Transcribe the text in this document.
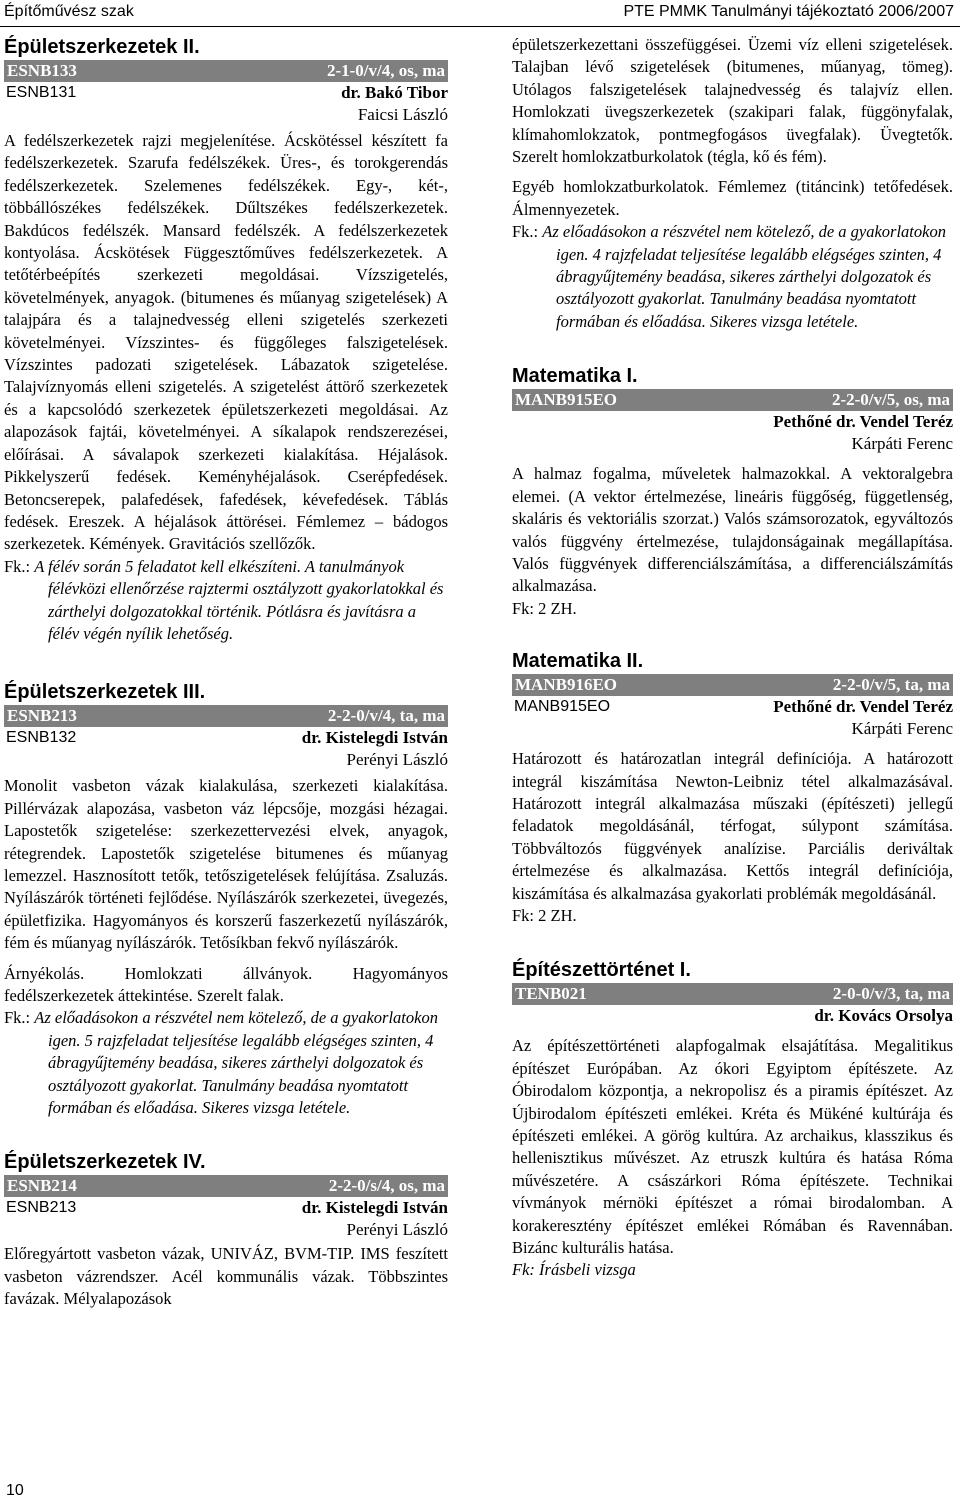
Építőművész szak	PTE PMMK Tanulmányi tájékoztató 2006/2007
Épületszerkezetek II.
ESNB133	2-1-0/v/4, os, ma
ESNB131	dr. Bakó Tibor
Faicsi László

A fedélszerkezetek rajzi megjelenítése. Ácskötéssel készített fa fedélszerkezetek. Szarufa fedélszékek. Üres-, és torokgerendás fedélszerkezetek. Szelemenes fedélszékek. Egy-, két-, többállószékes fedélszékek. Dűltszékes fedélszerkezetek. Bakdúcos fedélszék. Mansard fedélszék. A fedélszerkezetek kontyolása. Ácskötések Függesztőműves fedélszerkezetek. A tetőtérbeépítés szerkezeti megoldásai. Vízszigetelés, követelmények, anyagok. (bitumenes és műanyag szigetelések) A talajpára és a talajnedvesség elleni szigetelés szerkezeti követelményei. Vízszintes- és függőleges falszigetelések. Vízszintes padozati szigetelések. Lábazatok szigetelése. Talajvíznyomás elleni szigetelés. A szigetelést áttörő szerkezetek és a kapcsolódó szerkezetek épületszerkezeti megoldásai. Az alapozások fajtái, követelményei. A síkalapok rendszerezései, előírásai. A sávalapok szerkezeti kialakítása. Héjalások. Pikkelyszerű fedések. Keményhéjalások. Cserépfedések. Betoncserepek, palafedések, fafedések, kévefedések. Táblás fedések. Ereszek. A héjalások áttörései. Fémlemez – bádogos szerkezetek. Kémények. Gravitációs szellőzők.

Fk.: A félév során 5 feladatot kell elkészíteni. A tanulmányok félévközi ellenőrzése rajztermi osztályzott gyakorlatokkal és zárthelyi dolgozatokkal történik. Pótlásra és javításra a félév végén nyílik lehetőség.

Épületszerkezetek III.
ESNB213	2-2-0/v/4, ta, ma
ESNB132	dr. Kistelegdi István
Perényi László

Monolit vasbeton vázak kialakulása, szerkezeti kialakítása. Pillérvázak alapozása, vasbeton váz lépcsője, mozgási hézagai. Lapostetők szigetelése: szerkezettervezési elvek, anyagok, rétegrendek. Lapostetők szigetelése bitumenes és műanyag lemezzel. Hasznosított tetők, tetőszigetelések felújítása. Zsaluzás. Nyílászárók történeti fejlődése. Nyílászárók szerkezetei, üvegezés, épületfizika. Hagyományos és korszerű faszerkezetű nyílászárók, fém és műanyag nyílászárók. Tetősíkban fekvő nyílászárók.

Árnyékolás. Homlokzati állványok. Hagyományos fedélszerkezetek áttekintése. Szerelt falak.

Fk.: Az előadásokon a részvétel nem kötelező, de a gyakorlatokon igen. 5 rajzfeladat teljesítése legalább elégséges szinten, 4 ábragyűjtemény beadása, sikeres zárthelyi dolgozatok és osztályozott gyakorlat. Tanulmány beadása nyomtatott formában és előadása. Sikeres vizsga letétele.

Épületszerkezetek IV.
ESNB214	2-2-0/s/4, os, ma
ESNB213	dr. Kistelegdi István
Perényi László

Előregyártott vasbeton vázak, UNIVÁZ, BVM-TIP. IMS feszített vasbeton vázrendszer. Acél kommunális vázak. Többszintes favázak. Mélyalapozások

épületszerkezettani összefüggései. Üzemi víz elleni szigetelések. Talajban lévő szigetelések (bitumenes, műanyag, tömeg). Utólagos falszigetelések talajnedvesség és talajvíz ellen. Homlokzati üvegszerkezetek (szakipari falak, függönyfalak, klímahomlokzatok, pontmegfogásos üvegfalak). Üvegtetők. Szerelt homlokzatburkolatok (tégla, kő és fém).

Egyéb homlokzatburkolatok. Fémlemez (titáncink) tetőfedések. Álmennyezetek.

Fk.: Az előadásokon a részvétel nem kötelező, de a gyakorlatokon igen. 4 rajzfeladat teljesítése legalább elégséges szinten, 4 ábragyűjtemény beadása, sikeres zárthelyi dolgozatok és osztályozott gyakorlat. Tanulmány beadása nyomtatott formában és előadása. Sikeres vizsga letétele.

Matematika I.
MANB915EO	2-2-0/v/5, os, ma
Pethőné dr. Vendel Teréz
Kárpáti Ferenc

A halmaz fogalma, műveletek halmazokkal. A vektoralgebra elemei. (A vektor értelmezése, lineáris függőség, függetlenség, skaláris és vektoriális szorzat.) Valós számsorozatok, egyváltozós valós függvény értelmezése, tulajdonságainak megállapítása. Valós függvények differenciálszámítása, a differenciálszámítás alkalmazása.

Fk: 2 ZH.

Matematika II.
MANB916EO	2-2-0/v/5, ta, ma
MANB915EO	Pethőné dr. Vendel Teréz
Kárpáti Ferenc

Határozott és határozatlan integrál definíciója. A határozott integrál kiszámítása Newton-Leibniz tétel alkalmazásával. Határozott integrál alkalmazása műszaki (építészeti) jellegű feladatok megoldásánál, térfogat, súlypont számítása. Többváltozós függvények analízise. Parciális deriváltak értelmezése és alkalmazása. Kettős integrál definíciója, kiszámítása és alkalmazása gyakorlati problémák megoldásánál.

Fk: 2 ZH.

Építészettörténet I.
TENB021	2-0-0/v/3, ta, ma
dr. Kovács Orsolya

Az építészettörténeti alapfogalmak elsajátítása. Megalitikus építészet Európában. Az ókori Egyiptom építészete. Az Óbirodalom központja, a nekropolisz és a piramis építészet. Az Újbirodalom építészeti emlékei. Kréta és Mükéné kultúrája és építészeti emlékei. A görög kultúra. Az archaikus, klasszikus és hellenisztikus művészet. Az etruszk kultúra és hatása Róma művészetére. A császárkori Róma építészete. Technikai vívmányok mérnöki építészet a római birodalomban. A korakeresztény építészet emlékei Rómában és Ravennában. Bizánc kulturális hatása.

Fk: Írásbeli vizsga

10
